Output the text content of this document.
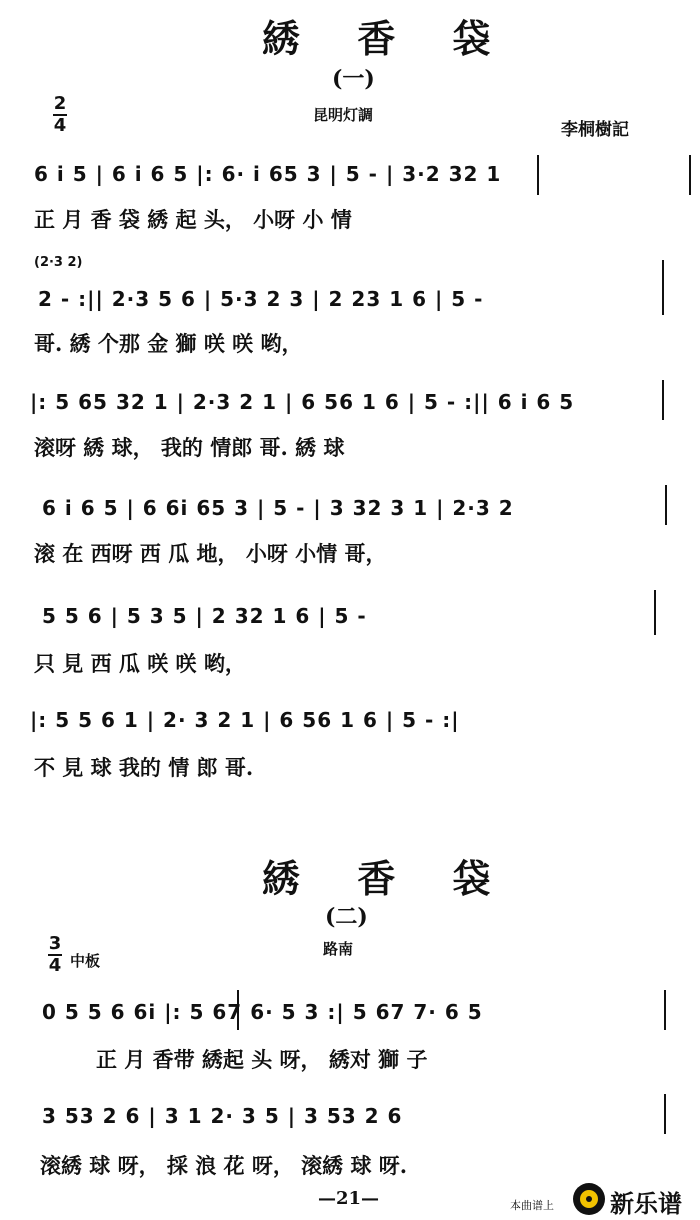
綉 香 袋
(一)
2
4	昆明灯調
李桐樹記
6 i 5 | 6 i 6 5 |: 6· i 65 3 | 5 - | 3·2 32 1
正 月 香 袋 綉 起 头， 小呀 小 情
(2·3 2)
2 - :|| 2·3 5 6 | 5·3 2 3 | 2 23 1 6 | 5 -
哥. 綉 个那 金 獅 咲 咲 哟，
|: 5 65 32 1 | 2·3 2 1 | 6 56 1 6 | 5 - :|| 6 i 6 5
滚呀 綉 球， 我的 情郎 哥. 綉 球
6 i 6 5 | 6 6i 65 3 | 5 - | 3 32 3 1 | 2·3 2
滚 在 西呀 西 瓜 地， 小呀 小情 哥，
5 5 6 | 5 3 5 | 2 32 1 6 | 5 -
只 見 西 瓜 咲 咲 哟，
|: 5 5 6 1 | 2· 3 2 1 | 6 56 1 6 | 5 - :|
不 見 球 我的 情 郎 哥.
綉 香 袋
(二)
3
4 中板
路南
0 5 5 6 6i |: 5 67 6· 5 3 :| 5 67 7· 6 5
正 月 香带 綉起 头 呀， 綉对 獅 子
3 53 2 6 | 3 1 2· 3 5 | 3 53 2 6
滚綉 球 呀， 採 浪 花 呀， 滚綉 球 呀.
—21—	本曲谱上 新乐谱
